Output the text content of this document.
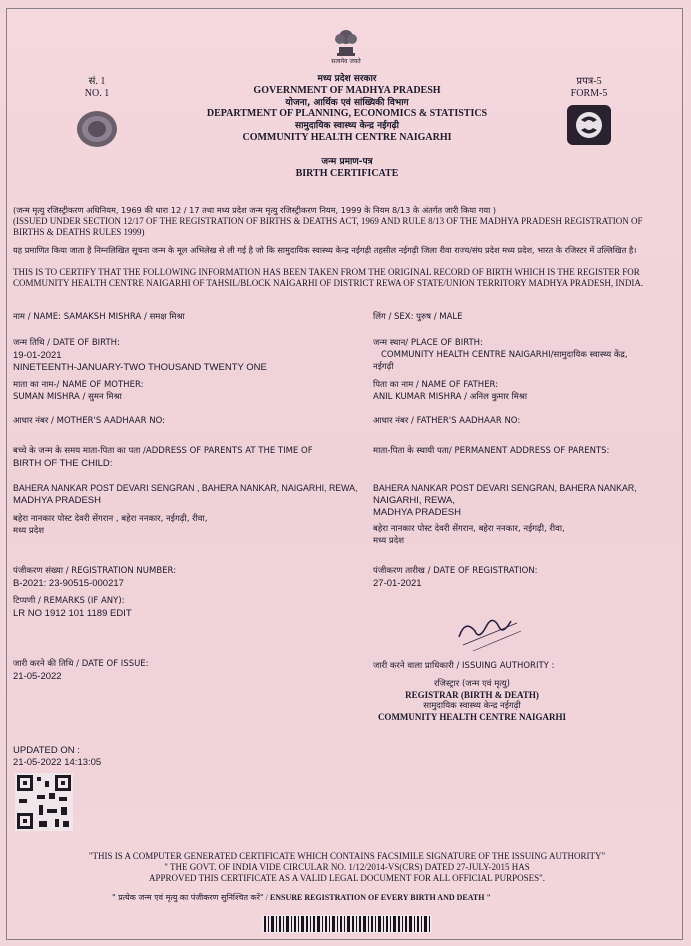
सत्यमेव जयते
सं. 1
NO. 1
प्रपत्र-5
FORM-5
मध्य प्रदेश सरकार
GOVERNMENT OF MADHYA PRADESH
योजना, आर्थिक एवं सांख्यिकी विभाग
DEPARTMENT OF PLANNING, ECONOMICS & STATISTICS
सामुदायिक स्वास्थ्य केन्द्र नईगढ़ी
COMMUNITY HEALTH CENTRE NAIGARHI
जन्म प्रमाण-पत्र
BIRTH CERTIFICATE
(जन्म मृत्यु रजिस्ट्रीकरण अधिनियम, 1969 की धारा 12 / 17 तथा मध्य प्रदेश जन्म मृत्यु रजिस्ट्रीकरण नियम, 1999 के नियम 8/13 के अंतर्गत जारी किया गया )
(ISSUED UNDER SECTION 12/17 OF THE REGISTRATION OF BIRTHS & DEATHS ACT, 1969 AND RULE 8/13 OF THE MADHYA PRADESH REGISTRATION OF BIRTHS & DEATHS RULES 1999)
यह प्रमाणित किया जाता है निम्नलिखित सूचना जन्म के मूल अभिलेख से ली गई है जो कि सामुदायिक स्वास्थ्य केन्द्र नईगढ़ी तहसील नईगढ़ी जिला रीवा राज्य/संघ प्रदेश मध्य प्रदेश, भारत के रजिस्टर में उल्लिखित है।
THIS IS TO CERTIFY THAT THE FOLLOWING INFORMATION HAS BEEN TAKEN FROM THE ORIGINAL RECORD OF BIRTH WHICH IS THE REGISTER FOR COMMUNITY HEALTH CENTRE NAIGARHI OF TAHSIL/BLOCK NAIGARHI OF DISTRICT REWA OF STATE/UNION TERRITORY MADHYA PRADESH, INDIA.
नाम / NAME: SAMAKSH MISHRA / समक्ष मिश्रा	लिंग / SEX: पुरुष / MALE
जन्म तिथि / DATE OF BIRTH:
19-01-2021
NINETEENTH-JANUARY-TWO THOUSAND TWENTY ONE
जन्म स्थान/ PLACE OF BIRTH:
COMMUNITY HEALTH CENTRE NAIGARHI/सामुदायिक स्वास्थ्य केंद्र,
नईगढ़ी
माता का नाम-/ NAME OF MOTHER:
SUMAN MISHRA / सुमन मिश्रा
पिता का नाम / NAME OF FATHER:
ANIL KUMAR MISHRA / अनिल कुमार मिश्रा
आधार नंबर / MOTHER'S AADHAAR NO:	आधार नंबर / FATHER'S AADHAAR NO:
बच्चे के जन्म के समय माता-पिता का पता /ADDRESS OF PARENTS AT THE TIME OF
BIRTH OF THE CHILD:
माता-पिता के स्थायी पता/ PERMANENT ADDRESS OF PARENTS:
BAHERA NANKAR POST DEVARI SENGRAN , BAHERA NANKAR, NAIGARHI, REWA,
MADHYA PRADESH
बहेरा नानकार पोस्ट देवरी सेंगरान , बहेरा ननकार, नईगढ़ी, रीवा,
मध्य प्रदेश
BAHERA NANKAR POST DEVARI SENGRAN, BAHERA NANKAR,
NAIGARHI, REWA,
MADHYA PRADESH
बहेरा नानकार पोस्ट देवरी सेंगरान, बहेरा ननकार, नईगढ़ी, रीवा,
मध्य प्रदेश
पंजीकरण संख्या / REGISTRATION NUMBER:
B-2021: 23-90515-000217
पंजीकरण तारीख / DATE OF REGISTRATION:
27-01-2021
टिप्पणी / REMARKS (IF ANY):
LR NO 1912 101 1189 EDIT
जारी करने की तिथि / DATE OF ISSUE:
21-05-2022
जारी करने वाला प्राधिकारी / ISSUING AUTHORITY :
रजिस्ट्रार (जन्म एवं मृत्यु)
REGISTRAR (BIRTH & DEATH)
सामुदायिक स्वास्थ्य केन्द्र नईगढ़ी
COMMUNITY HEALTH CENTRE NAIGARHI
UPDATED ON :
21-05-2022 14:13:05
"THIS IS A COMPUTER GENERATED CERTIFICATE WHICH CONTAINS FACSIMILE SIGNATURE OF THE ISSUING AUTHORITY"
" THE GOVT. OF INDIA VIDE CIRCULAR NO. 1/12/2014-VS(CRS) DATED 27-JULY-2015 HAS
APPROVED THIS CERTIFICATE AS A VALID LEGAL DOCUMENT FOR ALL OFFICIAL PURPOSES".
" प्रत्येक जन्म एवं मृत्यु का पंजीकरण सुनिश्चित करें" / ENSURE REGISTRATION OF EVERY BIRTH AND DEATH "
